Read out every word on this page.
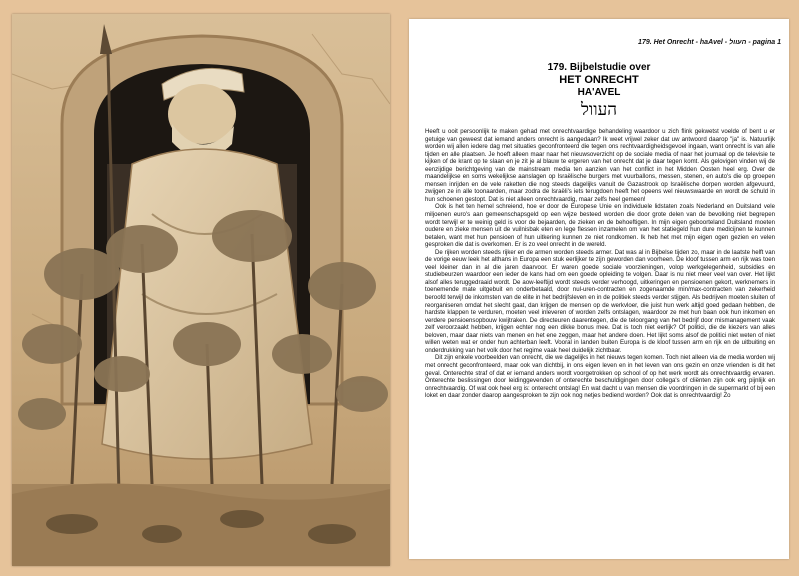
179. Het Onrecht - haAvel - העוול - pagina 1
179. Bijbelstudie over
HET ONRECHT
HA'AVEL
העוול

Heeft u ooit persoonlijk te maken gehad met onrechtvaardige behandeling waardoor u zich flink gekwetst voelde of bent u er getuige van geweest dat iemand anders onrecht is aangedaan? Ik weet vrijwel zeker dat uw antwoord daarop "ja" is. Natuurlijk worden wij allen iedere dag met situaties geconfronteerd die tegen ons rechtvaardigheidsgevoel ingaan, want onrecht is van alle tijden en alle plaatsen. Je hoeft alleen maar naar het nieuwsoverzicht op de sociale media of naar het journaal op de televisie te kijken of de krant op te slaan en je zit je al blauw te ergeren van het onrecht dat je daar tegen komt. Als gelovigen vinden wij de eenzijdige berichtgeving van de mainstream media ten aanzien van het conflict in het Midden Oosten heel erg. Over de maandelijkse en soms wekelijkse aanslagen op Israëlische burgers met vuurballons, messen, stenen, en auto's die op groepen mensen inrijden en de vele raketten die nog steeds dagelijks vanuit de Gazastrook op Israëlische dorpen worden afgevuurd, zwijgen ze in alle toonaarden, maar zodra de Israëli's iets terugdoen heeft het opeens wel nieuwswaarde en wordt de schuld in hun schoenen gestopt. Dat is niet alleen onrechtvaardig, maar zelfs heel gemeen!

Ook is het ten hemel schreiend, hoe er door de Europese Unie en individuele lidstaten zoals Nederland en Duitsland vele miljoenen euro's aan gemeenschapsgeld op een wijze besteed worden die door grote delen van de bevolking niet begrepen wordt terwijl er te weinig geld is voor de bejaarden, de zieken en de behoeftigen. In mijn eigen geboorteland Duitsland moeten oudere en zieke mensen uit de vuilnisbak eten en lege flessen inzamelen om van het statiegeld hun dure medicijnen te kunnen betalen, want met hun pensioen of hun uitkering kunnen ze niet rondkomen. Ik heb het met mijn eigen ogen gezien en velen gesproken die dat is overkomen. Er is zo veel onrecht in de wereld.

De rijken worden steeds rijker en de armen worden steeds armer. Dat was al in Bijbelse tijden zo, maar in de laatste helft van de vorige eeuw leek het althans in Europa een stuk eerlijker te zijn geworden dan voorheen. De kloof tussen arm en rijk was toen veel kleiner dan in al die jaren daarvoor. Er waren goede sociale voorzieningen, volop werkgelegenheid, subsidies en studiebeurzen waardoor een ieder de kans had om een goede opleiding te volgen. Daar is nu niet meer veel van over. Het lijkt alsof alles teruggedraaid wordt. De aow-leeftijd wordt steeds verder verhoogd, uitkeringen en pensioenen gekort, werknemers in toenemende mate uitgebuit en onderbetaald, door nul-uren-contracten en zogenaamde min/max-contracten van zekerheid beroofd terwijl de inkomsten van de elite in het bedrijfsleven en in de politiek steeds verder stijgen. Als bedrijven moeten sluiten of reorganiseren omdat het slecht gaat, dan krijgen de mensen op de werkvloer, die juist hun werk altijd goed gedaan hebben, de hardste klappen te verduren, moeten veel inleveren of worden zelfs ontslagen, waardoor ze met hun baan ook hun inkomen en verdere pensioensopbouw kwijtraken. De directeuren daarentegen, die de teloorgang van het bedrijf door mismanagement vaak zelf veroorzaakt hebben, krijgen echter nog een dikke bonus mee. Dat is toch niet eerlijk? Of politici, die de kiezers van alles beloven, maar daar niets van menen en het ene zeggen, maar het andere doen. Het lijkt soms alsof de politici niet weten of niet willen weten wat er onder hun achterban leeft. Vooral in landen buiten Europa is de kloof tussen arm en rijk en de uitbuiting en onderdrukking van het volk door het regime vaak heel duidelijk zichtbaar.

Dit zijn enkele voorbeelden van onrecht, die we dagelijks in het nieuws tegen komen. Toch niet alleen via de media worden wij met onrecht geconfronteerd, maar ook van dichtbij, in ons eigen leven en in het leven van ons gezin en onze vrienden is dit het geval. Onterechte straf of dat er iemand anders wordt voorgetrokken op school of op het werk wordt als onrechtvaardig ervaren. Onterechte beslissingen door leidinggevenden of onterechte beschuldigingen door collega's of cliënten zijn ook erg pijnlijk en onrechtvaardig. Of wat ook heel erg is: onterecht ontslag! En wat dacht u van mensen die voordringen in de supermarkt of bij een loket en daar zonder daarop aangesproken te zijn ook nog netjes bediend worden? Ook dat is onrechtvaardig! Zo
